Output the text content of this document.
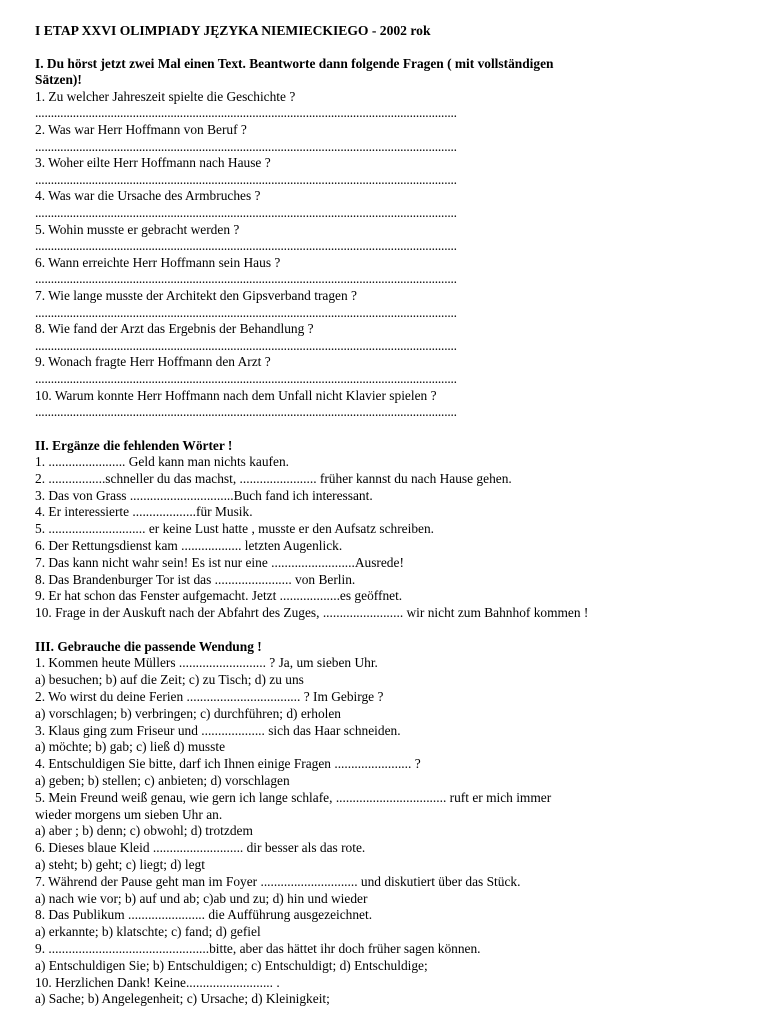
I ETAP XXVI OLIMPIADY JĘZYKA NIEMIECKIEGO - 2002 rok
I. Du hörst jetzt zwei Mal einen Text. Beantworte dann folgende Fragen ( mit vollständigen
Sätzen)!
1. Zu welcher Jahreszeit spielte die Geschichte ?
......................................................................................................................................
2. Was war Herr Hoffmann von Beruf ?
......................................................................................................................................
3. Woher eilte Herr Hoffmann nach Hause ?
......................................................................................................................................
4. Was war die Ursache des Armbruches ?
......................................................................................................................................
5. Wohin musste er gebracht werden ?
......................................................................................................................................
6. Wann erreichte Herr Hoffmann sein Haus ?
......................................................................................................................................
7. Wie lange musste der Architekt den Gipsverband tragen ?
......................................................................................................................................
8. Wie fand der Arzt das Ergebnis der Behandlung ?
......................................................................................................................................
9. Wonach fragte Herr Hoffmann den Arzt ?
......................................................................................................................................
10. Warum konnte Herr Hoffmann nach dem Unfall nicht Klavier spielen ?
......................................................................................................................................
II. Ergänze die fehlenden Wörter !
1. ....................... Geld kann man nichts kaufen.
2. .................schneller du das machst, ....................... früher kannst du nach Hause gehen.
3. Das von Grass ...............................Buch fand ich interessant.
4. Er interessierte ...................für Musik.
5. ............................. er keine Lust hatte , musste er den Aufsatz schreiben.
6. Der Rettungsdienst kam .................. letzten Augenlick.
7. Das kann nicht wahr sein! Es ist nur eine .........................Ausrede!
8. Das Brandenburger Tor ist das ....................... von Berlin.
9. Er hat schon das Fenster aufgemacht. Jetzt ..................es geöffnet.
10. Frage in der Auskuft nach der Abfahrt des Zuges, ........................ wir nicht zum Bahnhof kommen !
III. Gebrauche die passende Wendung !
1. Kommen heute Müllers .......................... ? Ja, um sieben Uhr.
a) besuchen; b) auf die Zeit; c) zu Tisch; d) zu uns
2. Wo wirst du deine Ferien .................................. ? Im Gebirge ?
a) vorschlagen; b) verbringen; c) durchführen; d) erholen
3. Klaus ging zum Friseur und ................... sich das Haar schneiden.
a) möchte; b) gab; c) ließ d) musste
4. Entschuldigen Sie bitte, darf ich Ihnen einige Fragen ....................... ?
a) geben; b) stellen; c) anbieten; d) vorschlagen
5. Mein Freund weiß genau, wie gern ich lange schlafe, ................................. ruft er mich immer
wieder morgens um sieben Uhr an.
a) aber ; b) denn; c) obwohl; d) trotzdem
6. Dieses blaue Kleid ........................... dir besser als das rote.
a) steht; b) geht; c) liegt; d) legt
7. Während der Pause geht man im Foyer ............................. und diskutiert über das Stück.
a) nach wie vor; b) auf und ab; c)ab und zu; d) hin und wieder
8. Das Publikum ....................... die Aufführung ausgezeichnet.
a) erkannte; b) klatschte; c) fand; d) gefiel
9. ................................................bitte, aber das hättet ihr doch früher sagen können.
a) Entschuldigen Sie; b) Entschuldigen; c) Entschuldigt; d) Entschuldige;
10. Herzlichen Dank! Keine.......................... .
a) Sache; b) Angelegenheit; c) Ursache; d) Kleinigkeit;
